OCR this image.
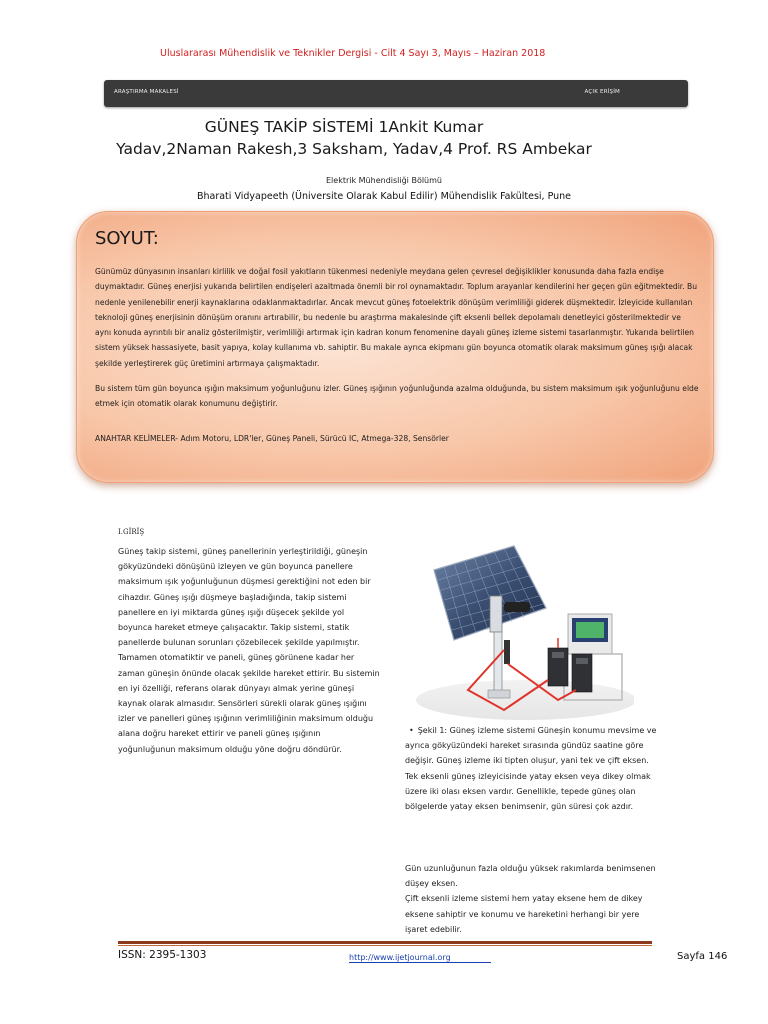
Uluslararası Mühendislik ve Teknikler Dergisi - Cilt 4 Sayı 3, Mayıs – Haziran 2018
ARAŞTIRMA MAKALESİ	AÇIK ERİŞİM
GÜNEŞ TAKİP SİSTEMİ 1Ankit Kumar
Yadav,2Naman Rakesh,3 Saksham, Yadav,4 Prof. RS Ambekar
Elektrik Mühendisliği Bölümü
Bharati Vidyapeeth (Üniversite Olarak Kabul Edilir) Mühendislik Fakültesi, Pune
SOYUT:

Günümüz dünyasının insanları kirlilik ve doğal fosil yakıtların tükenmesi nedeniyle meydana gelen çevresel değişiklikler konusunda daha fazla endişe duymaktadır. Güneş enerjisi yukarıda belirtilen endişeleri azaltmada önemli bir rol oynamaktadır. Toplum arayanlar kendilerini her geçen gün eğitmektedir. Bu nedenle yenilenebilir enerji kaynaklarına odaklanmaktadırlar. Ancak mevcut güneş fotoelektrik dönüşüm verimliliği giderek düşmektedir. İzleyicide kullanılan teknoloji güneş enerjisinin dönüşüm oranını artırabilir, bu nedenle bu araştırma makalesinde çift eksenli bellek depolamalı denetleyici gösterilmektedir ve aynı konuda ayrıntılı bir analiz gösterilmiştir, verimliliği artırmak için kadran konum fenomenine dayalı güneş izleme sistemi tasarlanmıştır. Yukarıda belirtilen sistem yüksek hassasiyete, basit yapıya, kolay kullanıma vb. sahiptir. Bu makale ayrıca ekipmanı gün boyunca otomatik olarak maksimum güneş ışığı alacak şekilde yerleştirerek güç üretimini artırmaya çalışmaktadır.

Bu sistem tüm gün boyunca ışığın maksimum yoğunluğunu izler. Güneş ışığının yoğunluğunda azalma olduğunda, bu sistem maksimum ışık yoğunluğunu elde etmek için otomatik olarak konumunu değiştirir.

ANAHTAR KELİMELER- Adım Motoru, LDR'ler, Güneş Paneli, Sürücü IC, Atmega-328, Sensörler

I.GİRİŞ

Güneş takip sistemi, güneş panellerinin yerleştirildiği, güneşin gökyüzündeki dönüşünü izleyen ve gün boyunca panellere maksimum ışık yoğunluğunun düşmesi gerektiğini not eden bir cihazdır. Güneş ışığı düşmeye başladığında, takip sistemi panellere en iyi miktarda güneş ışığı düşecek şekilde yol boyunca hareket etmeye çalışacaktır. Takip sistemi, statik panellerde bulunan sorunları çözebilecek şekilde yapılmıştır. Tamamen otomatiktir ve paneli, güneş görünene kadar her zaman güneşin önünde olacak şekilde hareket ettirir. Bu sistemin en iyi özelliği, referans olarak dünyayı almak yerine güneşi kaynak olarak almasıdır. Sensörleri sürekli olarak güneş ışığını izler ve panelleri güneş ışığının verimliliğinin maksimum olduğu alana doğru hareket ettirir ve paneli güneş ışığının yoğunluğunun maksimum olduğu yöne doğru döndürür.

• Şekil 1: Güneş izleme sistemi Güneşin konumu mevsime ve ayrıca gökyüzündeki hareket sırasında gündüz saatine göre değişir. Güneş izleme iki tipten oluşur, yani tek ve çift eksen. Tek eksenli güneş izleyicisinde yatay eksen veya dikey olmak üzere iki olası eksen vardır. Genellikle, tepede güneş olan bölgelerde yatay eksen benimsenir, gün süresi çok azdır.

Gün uzunluğunun fazla olduğu yüksek rakımlarda benimsenen düşey eksen.
Çift eksenli izleme sistemi hem yatay eksene hem de dikey eksene sahiptir ve konumu ve hareketini herhangi bir yere işaret edebilir.
ISSN: 2395-1303	http://www.ijetjournal.org	Sayfa 146
